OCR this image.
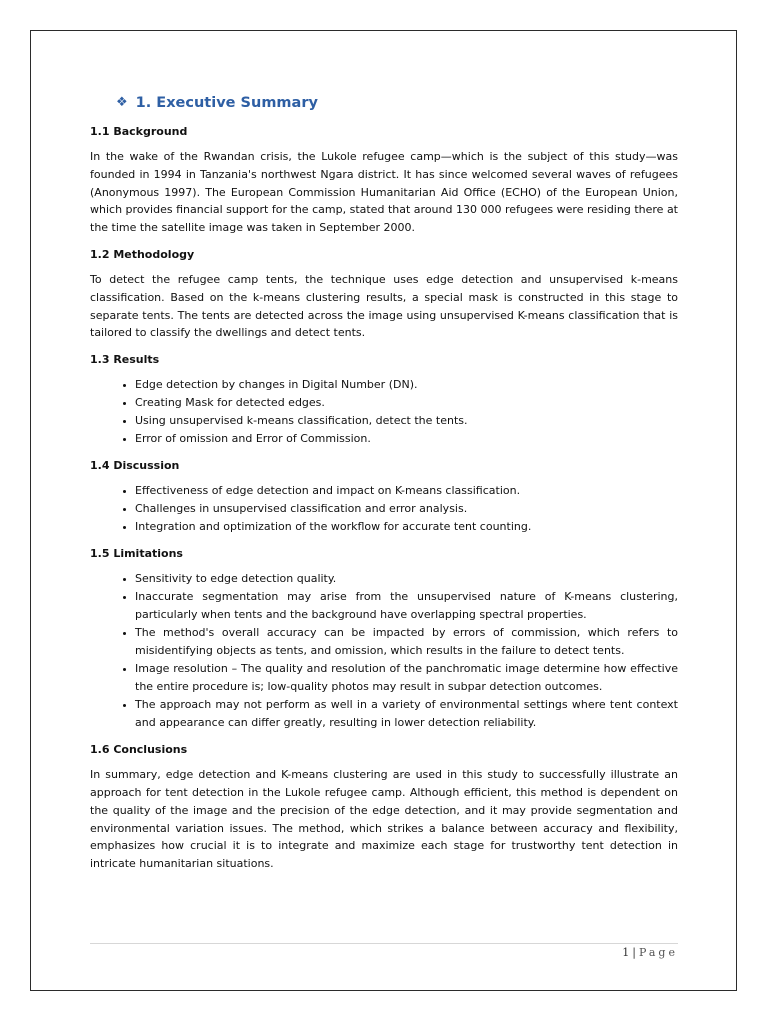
❖ 1. Executive Summary
1.1 Background

In the wake of the Rwandan crisis, the Lukole refugee camp—which is the subject of this study—was founded in 1994 in Tanzania's northwest Ngara district. It has since welcomed several waves of refugees (Anonymous 1997). The European Commission Humanitarian Aid Office (ECHO) of the European Union, which provides financial support for the camp, stated that around 130 000 refugees were residing there at the time the satellite image was taken in September 2000.

1.2 Methodology

To detect the refugee camp tents, the technique uses edge detection and unsupervised k-means classification. Based on the k-means clustering results, a special mask is constructed in this stage to separate tents. The tents are detected across the image using unsupervised K-means classification that is tailored to classify the dwellings and detect tents.

1.3 Results
• Edge detection by changes in Digital Number (DN).
• Creating Mask for detected edges.
• Using unsupervised k-means classification, detect the tents.
• Error of omission and Error of Commission.
1.4 Discussion
• Effectiveness of edge detection and impact on K-means classification.
• Challenges in unsupervised classification and error analysis.
• Integration and optimization of the workflow for accurate tent counting.
1.5 Limitations
• Sensitivity to edge detection quality.
• Inaccurate segmentation may arise from the unsupervised nature of K-means clustering, particularly when tents and the background have overlapping spectral properties.
• The method's overall accuracy can be impacted by errors of commission, which refers to misidentifying objects as tents, and omission, which results in the failure to detect tents.
• Image resolution – The quality and resolution of the panchromatic image determine how effective the entire procedure is; low-quality photos may result in subpar detection outcomes.
• The approach may not perform as well in a variety of environmental settings where tent context and appearance can differ greatly, resulting in lower detection reliability.
1.6 Conclusions

In summary, edge detection and K-means clustering are used in this study to successfully illustrate an approach for tent detection in the Lukole refugee camp. Although efficient, this method is dependent on the quality of the image and the precision of the edge detection, and it may provide segmentation and environmental variation issues. The method, which strikes a balance between accuracy and flexibility, emphasizes how crucial it is to integrate and maximize each stage for trustworthy tent detection in intricate humanitarian situations.

1 | Page
